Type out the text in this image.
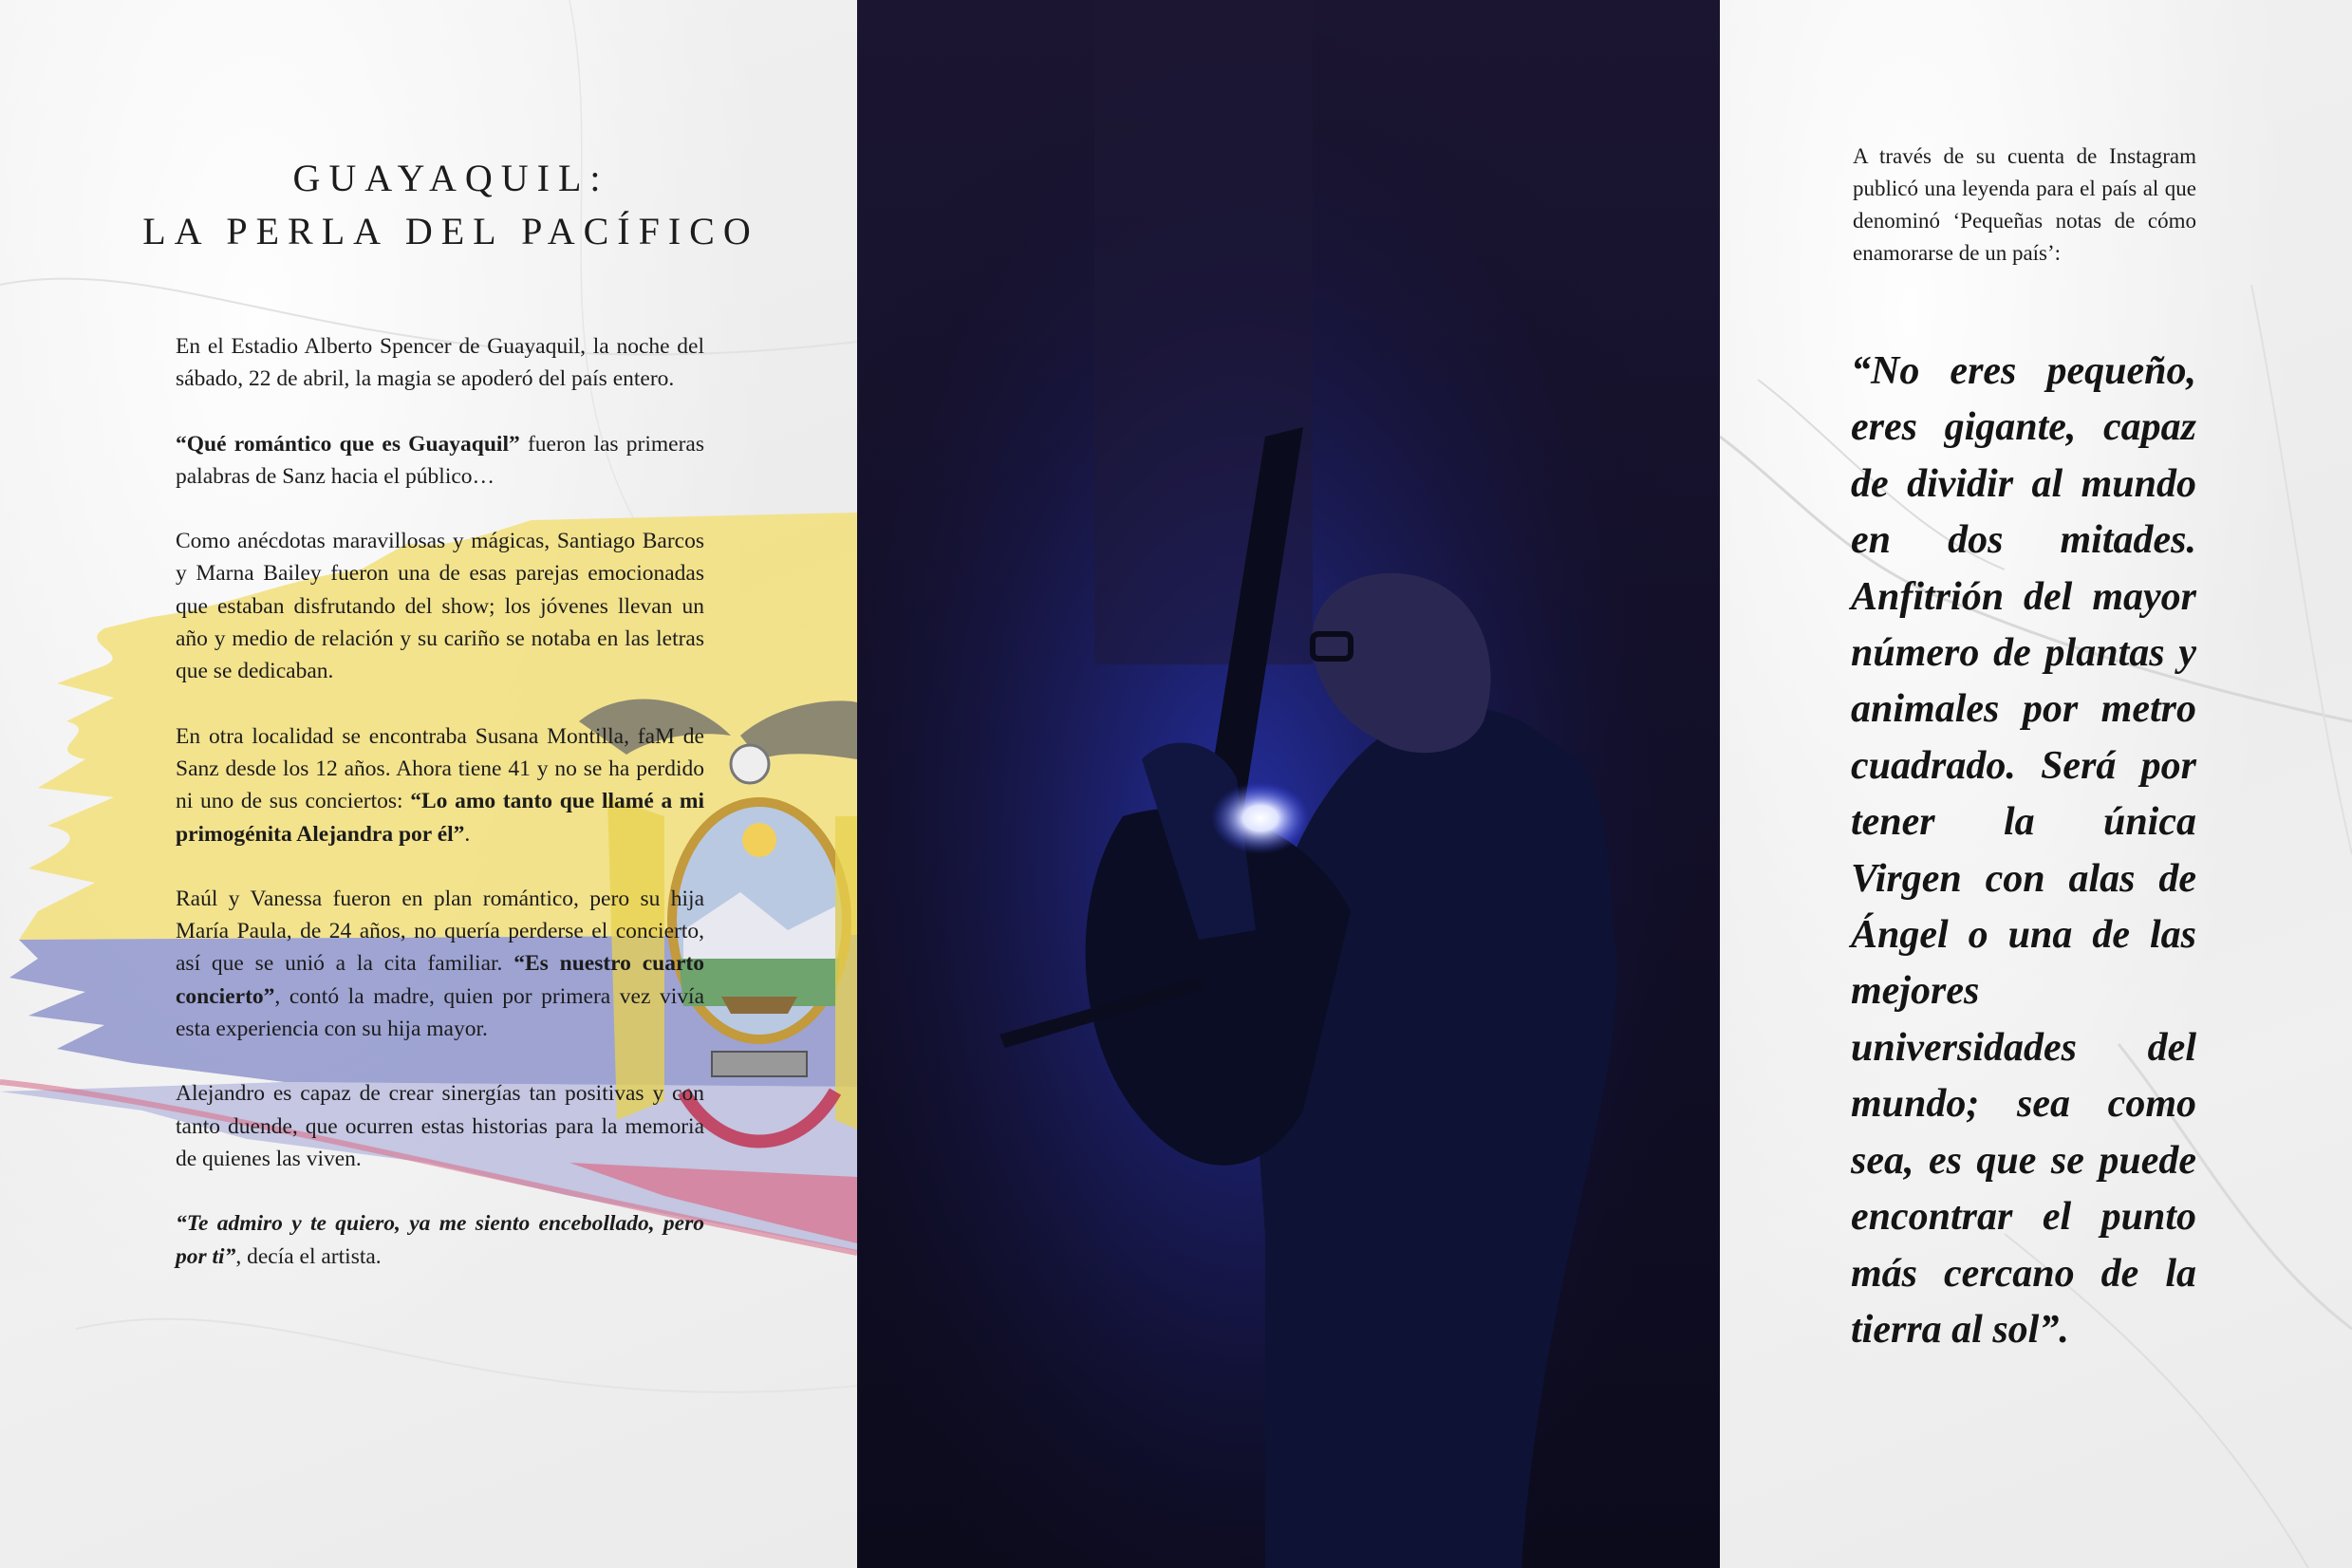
GUAYAQUIL:
LA PERLA DEL PACÍFICO

En el Estadio Alberto Spencer de Guayaquil, la noche del sábado, 22 de abril, la magia se apoderó del país entero.

“Qué romántico que es Guayaquil” fueron las primeras palabras de Sanz hacia el público…

Como anécdotas maravillosas y mágicas, Santiago Barcos y Marna Bailey fueron una de esas parejas emocionadas que estaban disfrutando del show; los jóvenes llevan un año y medio de relación y su cariño se notaba en las letras que se dedicaban.

En otra localidad se encontraba Susana Montilla, faM de Sanz desde los 12 años. Ahora tiene 41 y no se ha perdido ni uno de sus conciertos: “Lo amo tanto que llamé a mi primogénita Alejandra por él”.

Raúl y Vanessa fueron en plan romántico, pero su hija María Paula, de 24 años, no quería perderse el concierto, así que se unió a la cita familiar. “Es nuestro cuarto concierto”, contó la madre, quien por primera vez vivía esta experiencia con su hija mayor.

Alejandro es capaz de crear sinergías tan positivas y con tanto duende, que ocurren estas historias para la memoria de quienes las viven.

“Te admiro y te quiero, ya me siento encebollado, pero por ti”, decía el artista.

A través de su cuenta de Instagram publicó una leyenda para el país al que denominó ‘Pequeñas notas de cómo enamorarse de un país’:
“No eres pequeño, eres gigante, capaz de dividir al mundo en dos mitades. Anfitrión del mayor número de plantas y animales por metro cuadrado. Será por tener la única Virgen con alas de Ángel o una de las mejores universidades del mundo; sea como sea, es que se puede encontrar el punto más cercano de la tierra al sol”.
